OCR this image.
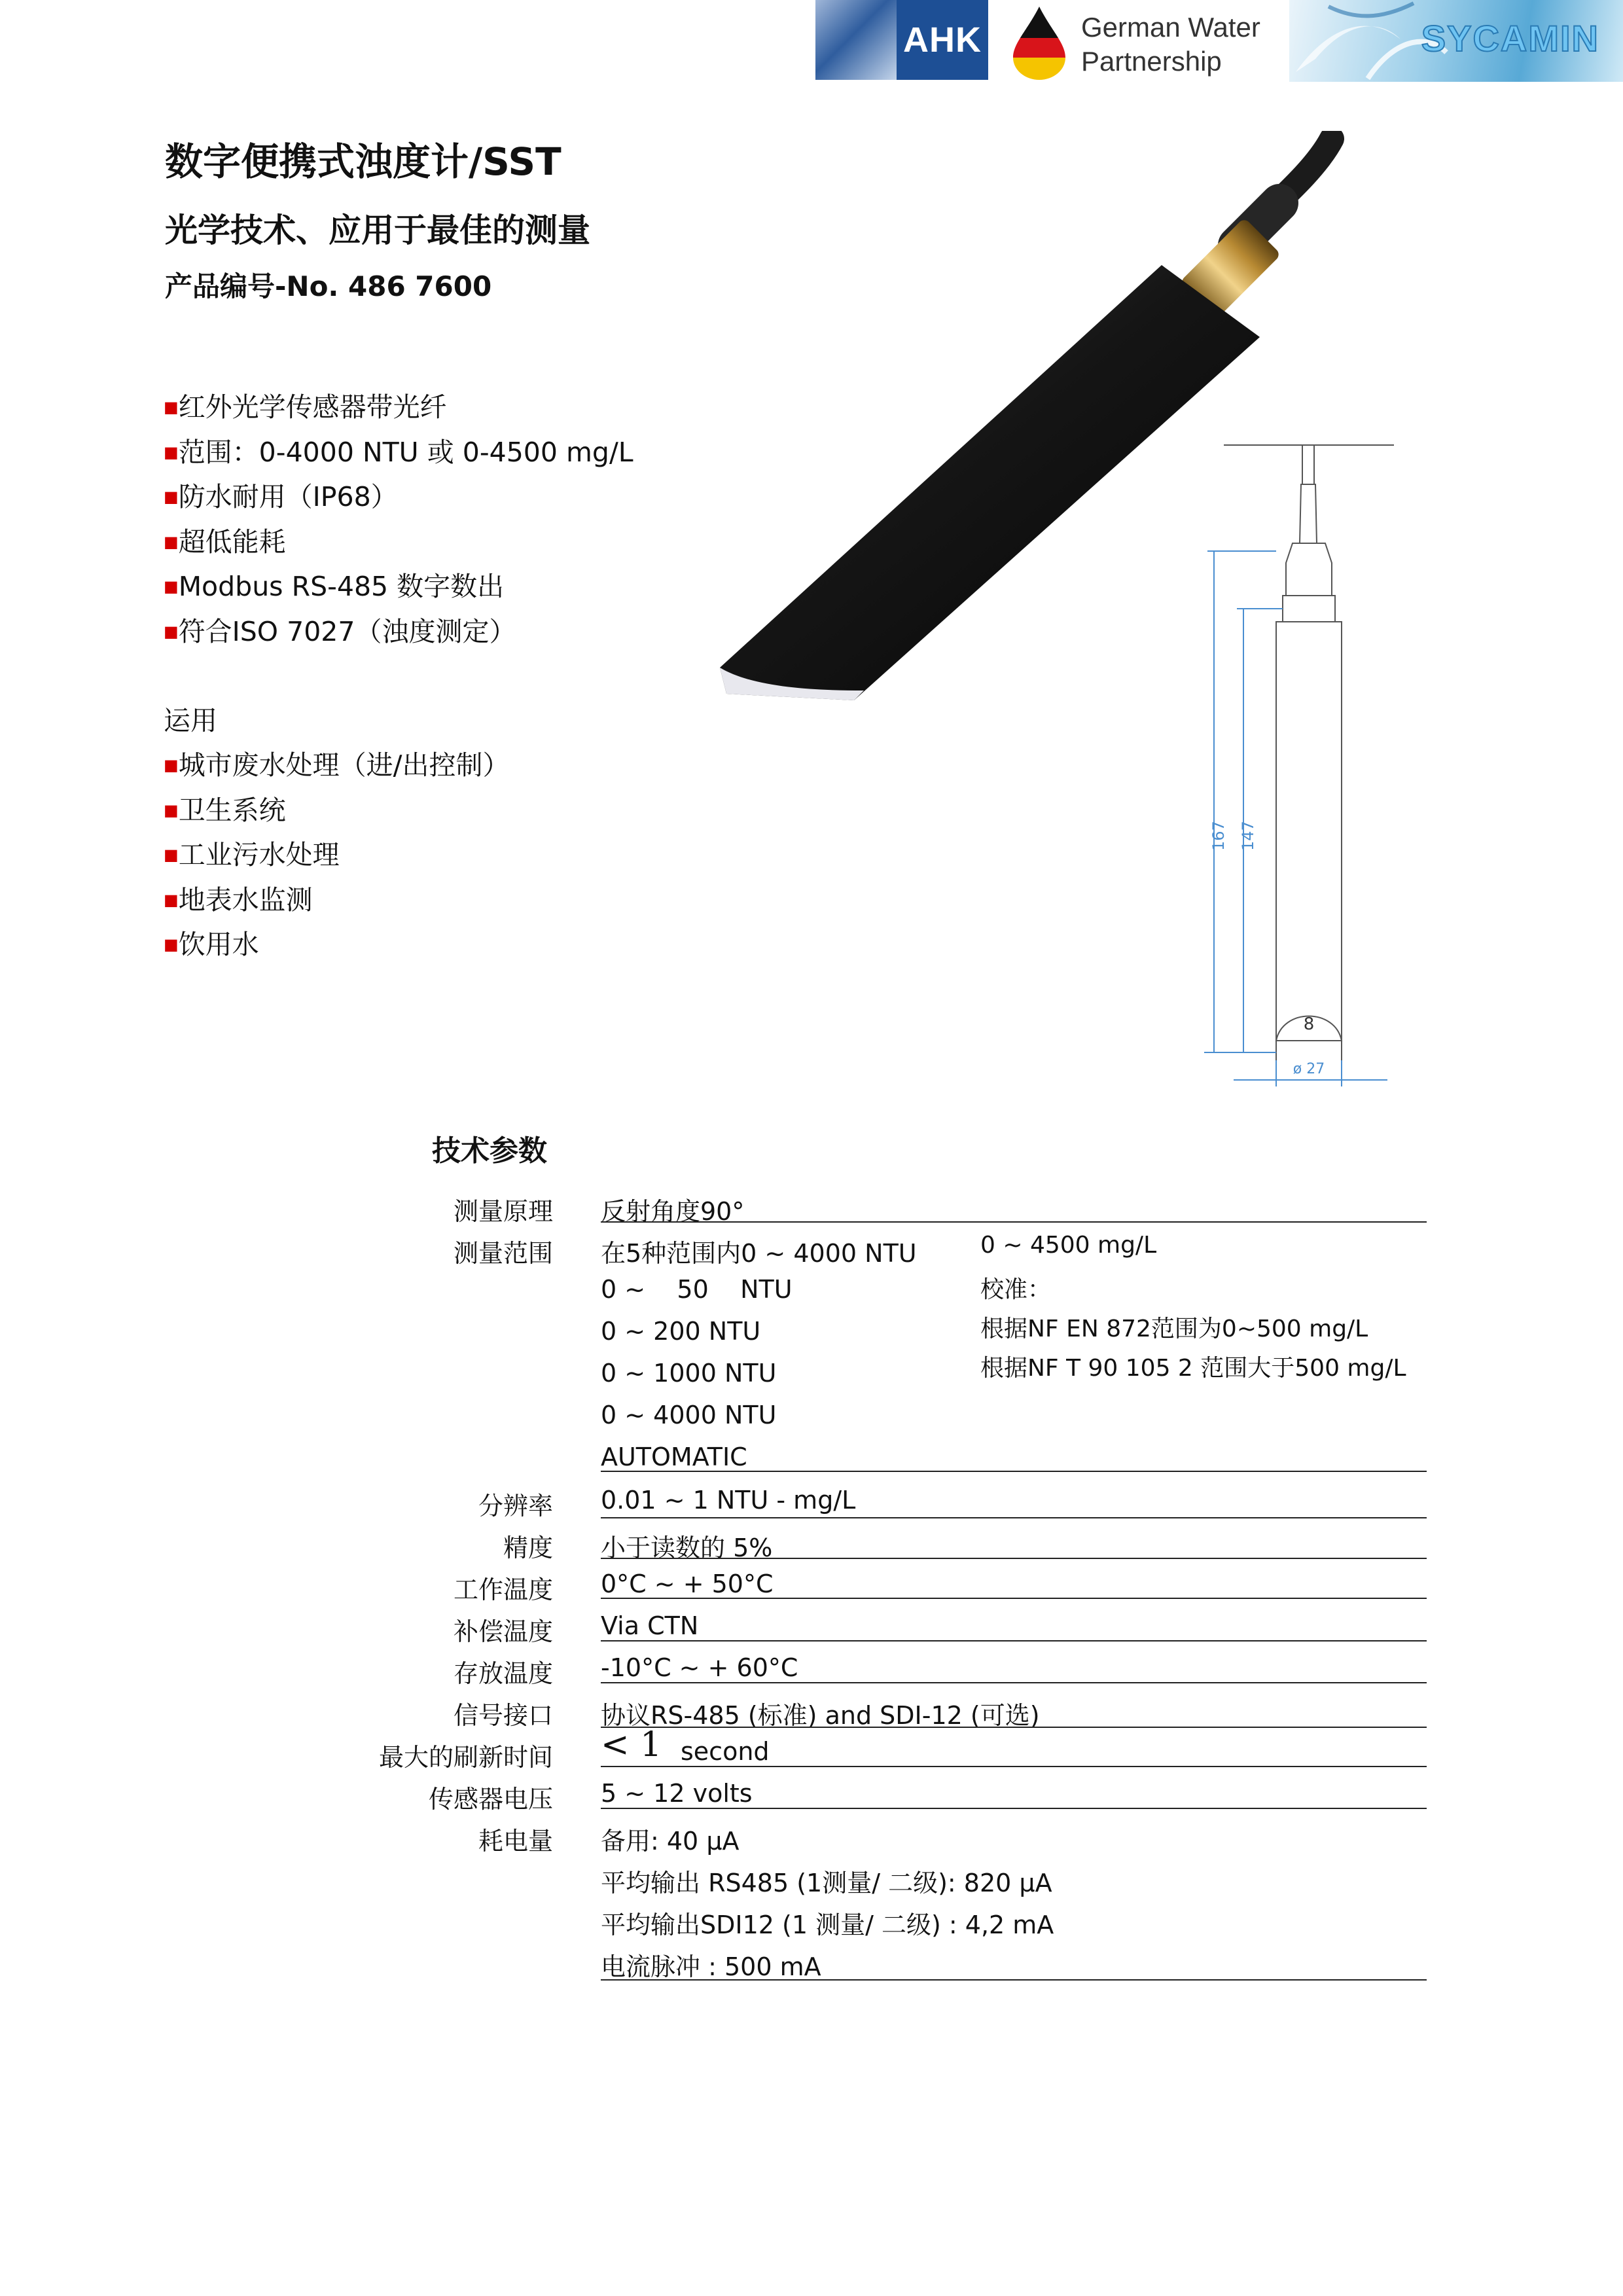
AHK	German Water
Partnership
SYCAMIN
数字便携式浊度计/SST
光学技术、应用于最佳的测量
产品编号-No. 486 7600
■ 红外光学传感器带光纤
■ 范围：0-4000 NTU 或 0-4500 mg/L
■ 防水耐用（IP68）
■ 超低能耗
■ Modbus RS-485 数字数出
■ 符合ISO 7027（浊度测定）
运用
■ 城市废水处理（进/出控制）
■ 卫生系统
■ 工业污水处理
■ 地表水监测
■ 饮用水
167 147
8
ø 27
技术参数
测量原理 反射角度90°
测量范围 在5种范围内0 ~ 4000 NTU
0 ~    50    NTU
0 ~ 200 NTU
0 ~ 1000 NTU
0 ~ 4000 NTU
AUTOMATIC
0 ~ 4500 mg/L
校准：
根据NF EN 872范围为0~500 mg/L
根据NF T 90 105 2 范围大于500 mg/L
分辨率 0.01 ~ 1 NTU - mg/L
精度 小于读数的 5%
工作温度 0°C ~ + 50°C
补偿温度 Via CTN
存放温度 -10°C ~ + 60°C
信号接口 协议RS-485 (标准) and SDI-12 (可选)
最大的刷新时间 < 1 second
传感器电压 5 ~ 12 volts
耗电量 备用: 40 µA
平均输出 RS485 (1测量/ 二级): 820 µA
平均输出SDI12 (1 测量/ 二级) : 4,2 mA
电流脉冲 : 500 mA
